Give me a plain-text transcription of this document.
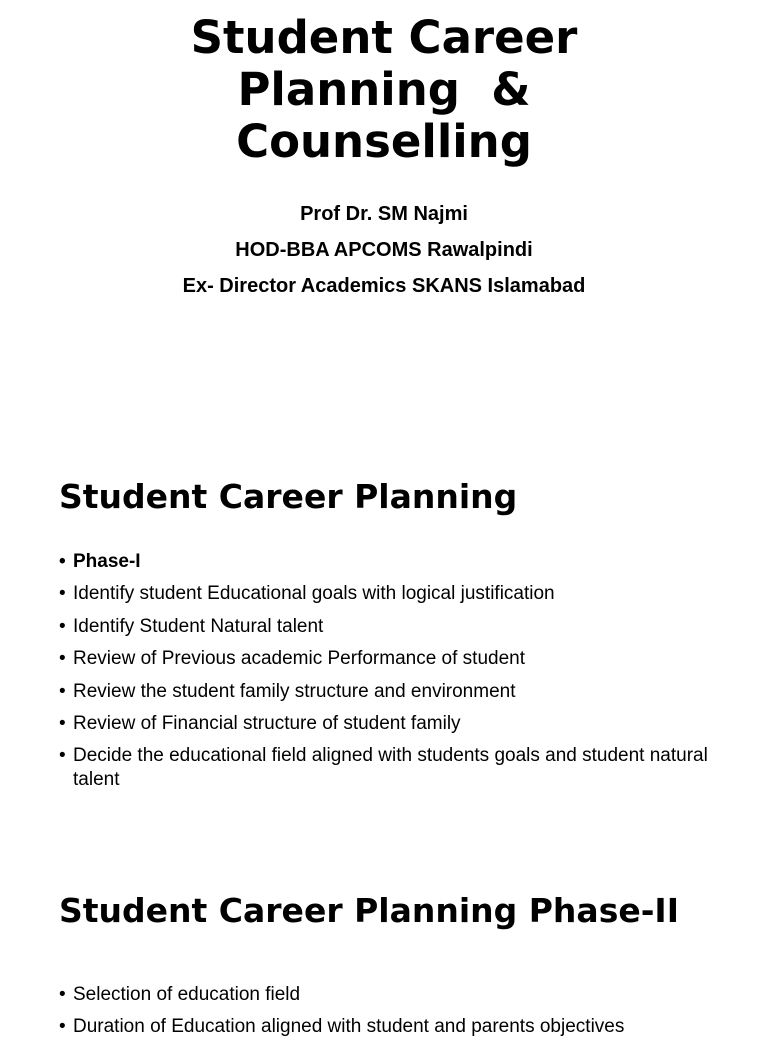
Student Career
Planning  &
Counselling
Prof Dr. SM Najmi
HOD-BBA APCOMS Rawalpindi
Ex- Director Academics SKANS Islamabad
Student Career Planning
• Phase-I
• Identify student Educational goals with logical justification
• Identify Student Natural talent
• Review of Previous academic Performance of student
• Review the student family structure and environment
• Review of Financial structure of student family
• Decide the educational field aligned with students goals and student natural talent
Student Career Planning Phase-II
• Selection of education field
• Duration of Education aligned with student and parents objectives
